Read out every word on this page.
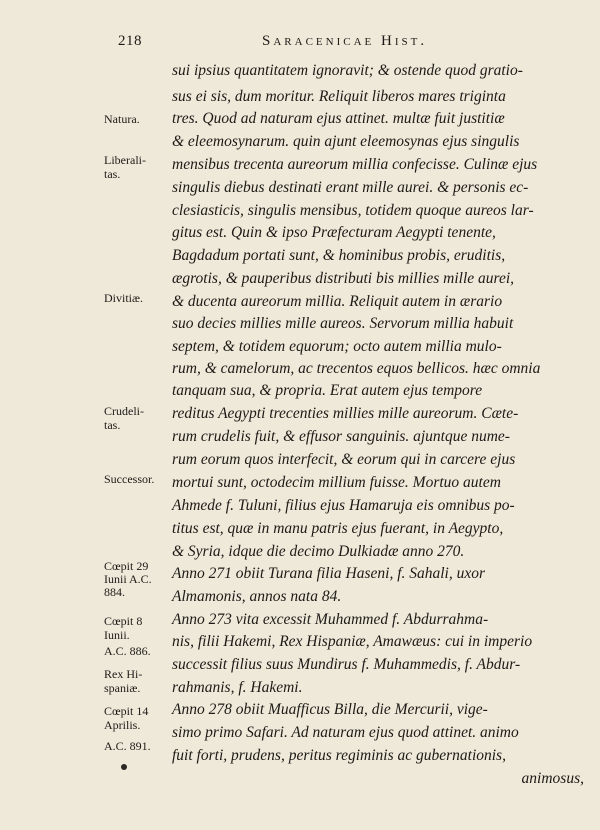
218	Saracenicae Hist.
sui ipsius quantitatem ignoravit; & ostende quod gratio-
sus ei sis, dum moritur. Reliquit liberos mares triginta
tres. Quod ad naturam ejus attinet. multæ fuit justitiæ
& eleemosynarum. quin ajunt eleemosynas ejus singulis
mensibus trecenta aureorum millia confecisse. Culinæ ejus
singulis diebus destinati erant mille aurei. & personis ec-
clesiasticis, singulis mensibus, totidem quoque aureos lar-
gitus est. Quin & ipso Præfecturam Aegypti tenente,
Bagdadum portati sunt, & hominibus probis, eruditis,
ægrotis, & pauperibus distributi bis millies mille aurei,
& ducenta aureorum millia. Reliquit autem in ærario
suo decies millies mille aureos. Servorum millia habuit
septem, & totidem equorum; octo autem millia mulo-
rum, & camelorum, ac trecentos equos bellicos. hæc omnia
tanquam sua, & propria. Erat autem ejus tempore
reditus Aegypti trecenties millies mille aureorum. Cæte-
rum crudelis fuit, & effusor sanguinis. ajuntque nume-
rum eorum quos interfecit, & eorum qui in carcere ejus
mortui sunt, octodecim millium fuisse. Mortuo autem
Ahmede f. Tuluni, filius ejus Hamaruja eis omnibus po-
titus est, quæ in manu patris ejus fuerant, in Aegypto,
& Syria, idque die decimo Dulkiadæ anno 270.
Anno 271 obiit Turana filia Haseni, f. Sahali, uxor
Almamonis, annos nata 84.
Anno 273 vita excessit Muhammed f. Abdurrahma-
nis, filii Hakemi, Rex Hispaniæ, Amawæus: cui in imperio
successit filius suus Mundirus f. Muhammedis, f. Abdur-
rahmanis, f. Hakemi.
Anno 278 obiit Muafficus Billa, die Mercurii, vige-
simo primo Safari. Ad naturam ejus quod attinet. animo
fuit forti, prudens, peritus regiminis ac gubernationis,
animosus,
Natura.
Liberali-
tas.
Divitiæ.
Crudeli-
tas.
Successor.
Cœpit 29
Iunii A.C.
884.
Cœpit 8
Iunii.
A.C. 886.
Rex Hi-
spaniæ.
Cœpit 14
Aprilis.
A.C. 891.
